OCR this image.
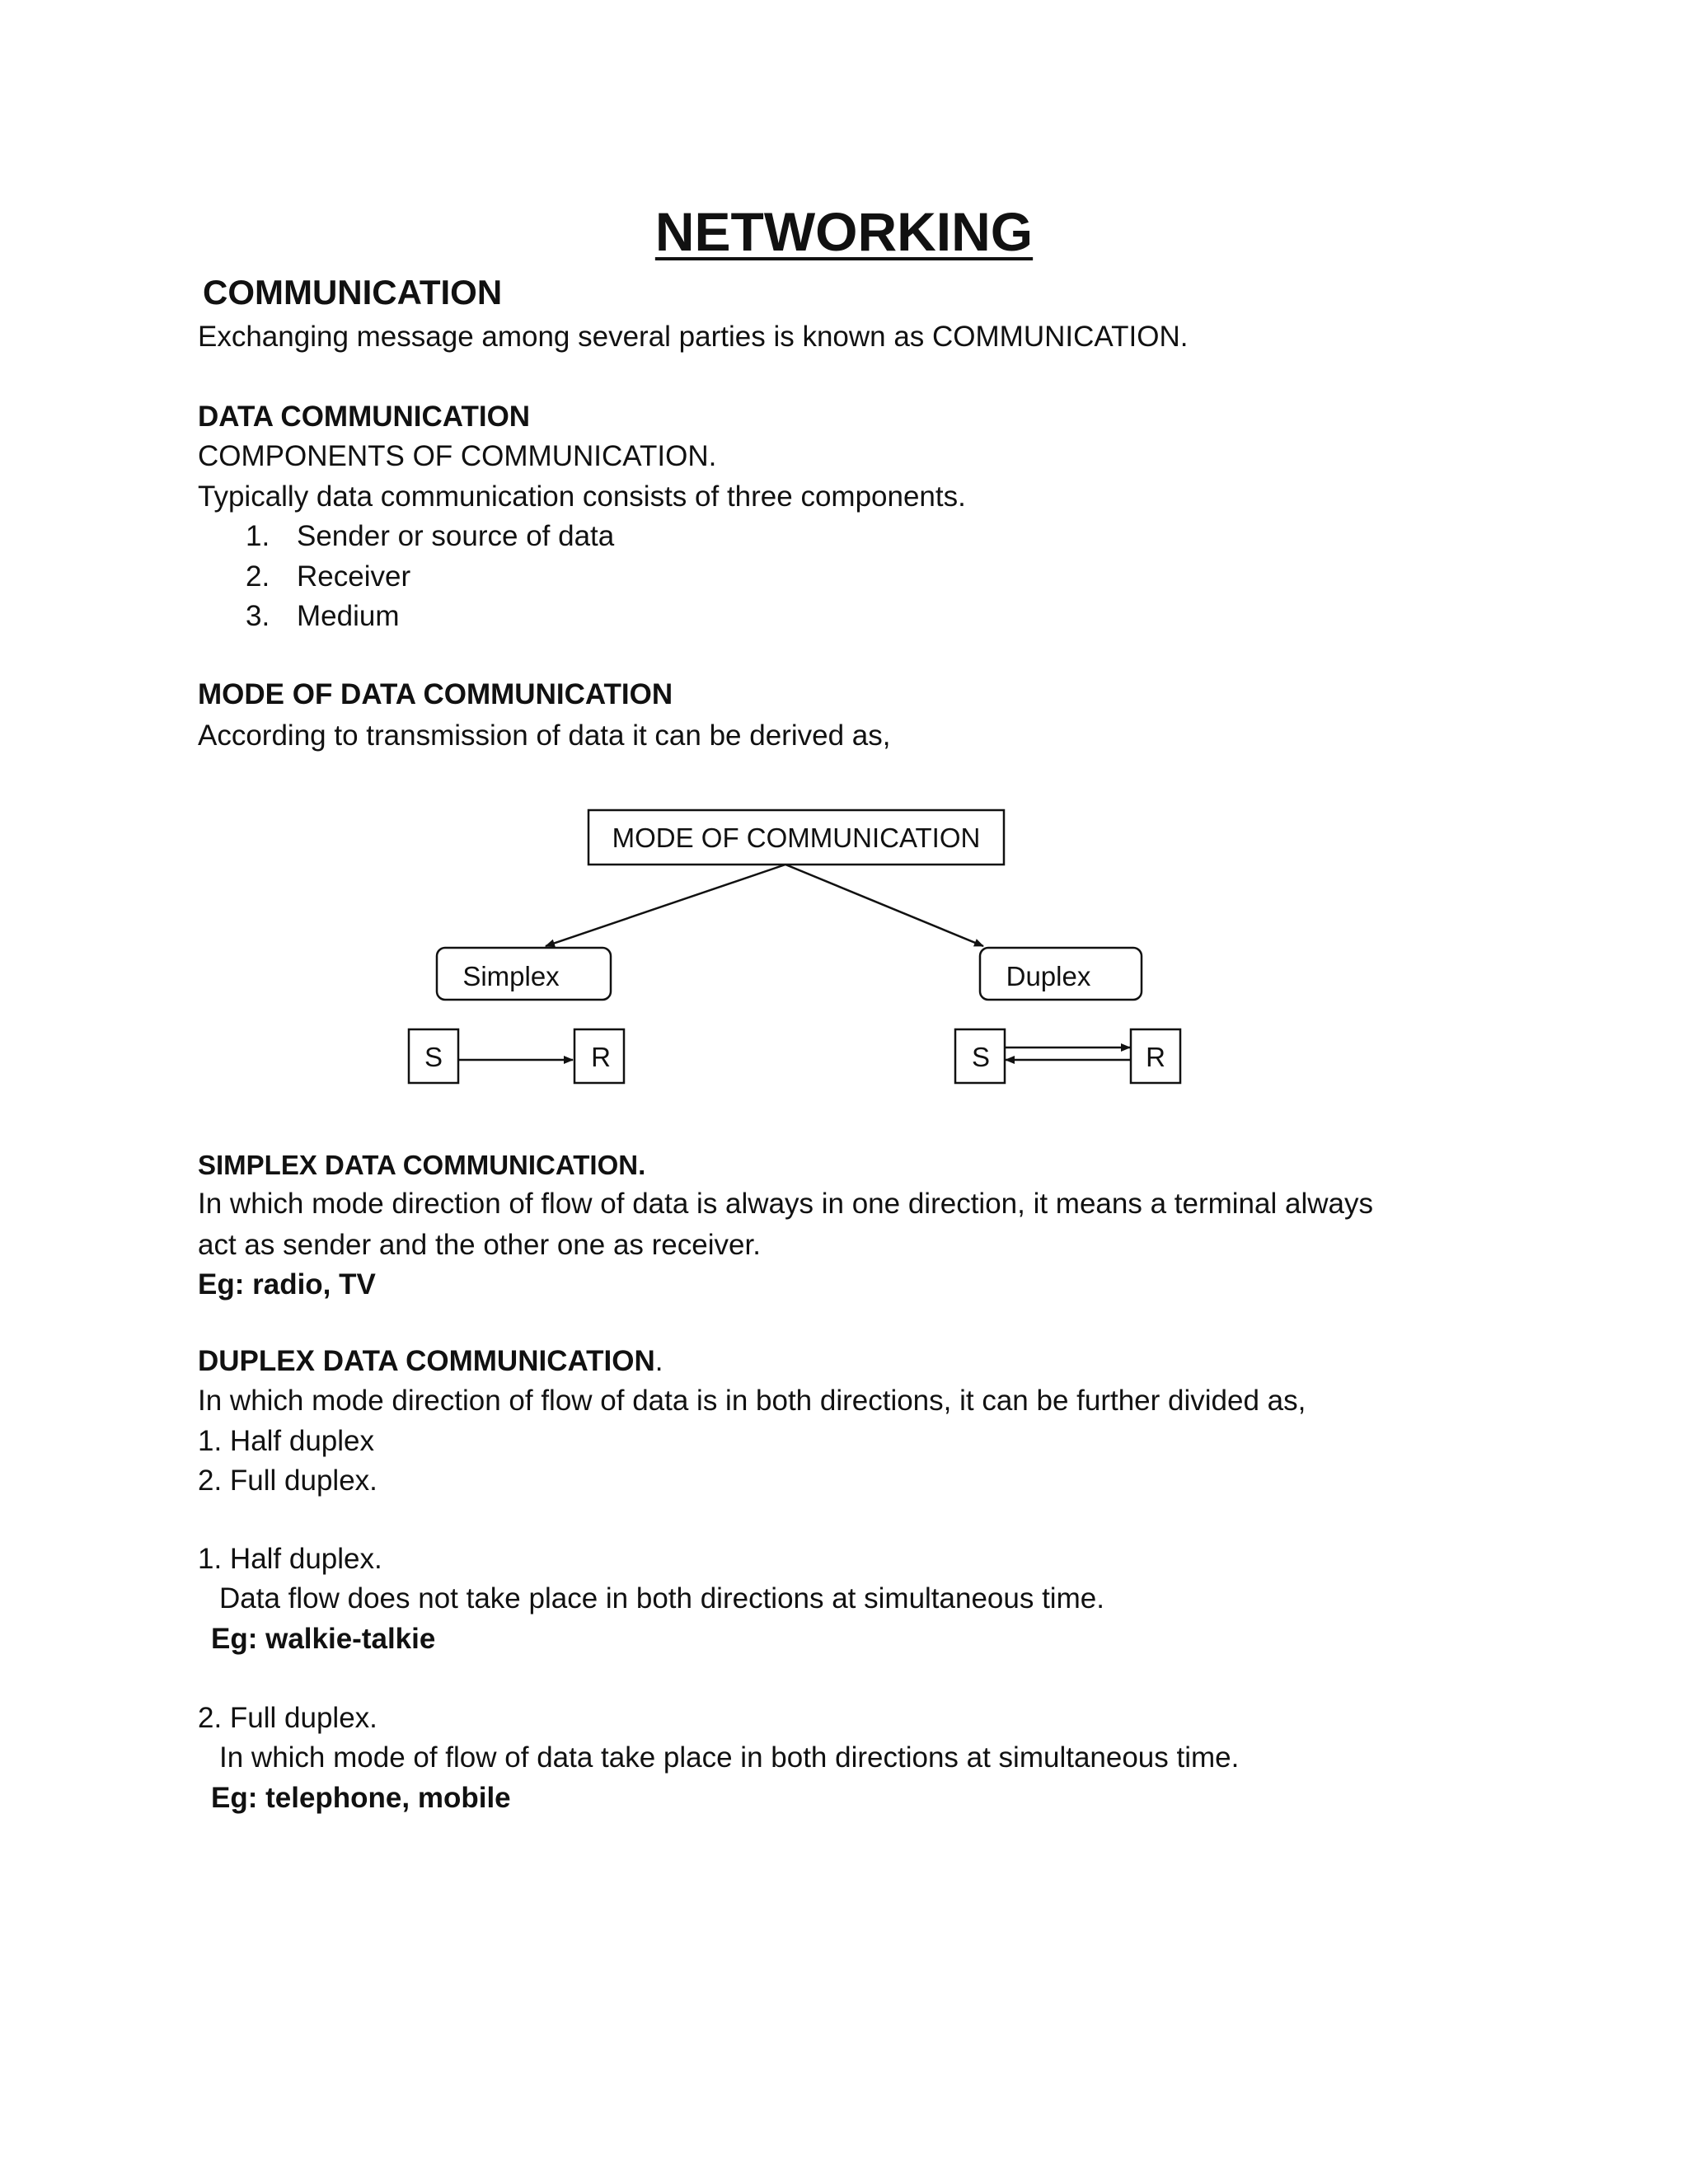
NETWORKING
COMMUNICATION
Exchanging message among several parties is known as COMMUNICATION.
DATA COMMUNICATION
COMPONENTS OF COMMUNICATION.
Typically data communication consists of three components.
1. Sender or source of data
2. Receiver
3. Medium
MODE OF DATA COMMUNICATION
According to transmission of data it can be derived as,
MODE OF COMMUNICATION
Simplex	Duplex
S	R	S	R
SIMPLEX DATA COMMUNICATION.
In which mode direction of flow of data is always in one direction, it means a terminal always
act as sender and the other one as receiver.
Eg: radio, TV
DUPLEX DATA COMMUNICATION.
In which mode direction of flow of data is in both directions, it can be further divided as,
1. Half duplex
2. Full duplex.
1. Half duplex.
Data flow does not take place in both directions at simultaneous time.
Eg: walkie-talkie
2. Full duplex.
In which mode of flow of data take place in both directions at simultaneous time.
Eg: telephone, mobile
